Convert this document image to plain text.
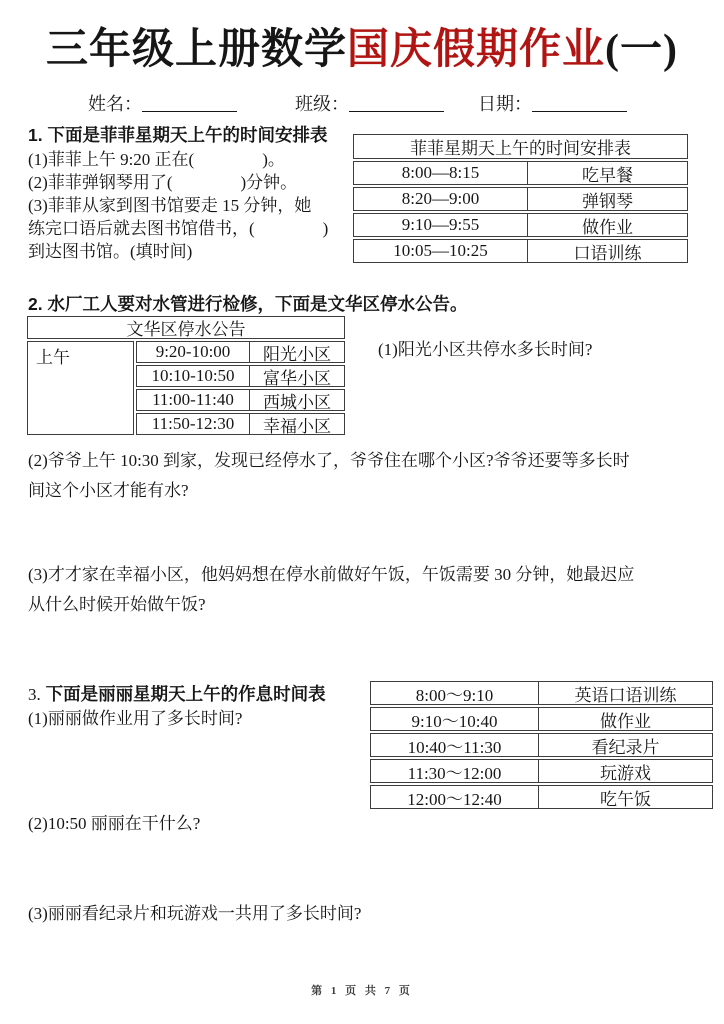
三年级上册数学国庆假期作业(一)
姓名：	班级：	日期：
1. 下面是菲菲星期天上午的时间安排表
(1)菲菲上午 9:20 正在(　　　　)。
(2)菲菲弹钢琴用了(　　　　)分钟。
(3)菲菲从家到图书馆要走 15 分钟，她
练完口语后就去图书馆借书，(　　　　)
到达图书馆。(填时间)
菲菲星期天上午的时间安排表
8:00—8:15	吃早餐
8:20—9:00	弹钢琴
9:10—9:55	做作业
10:05—10:25	口语训练
2. 水厂工人要对水管进行检修，下面是文华区停水公告。
文华区停水公告
上午	9:20-10:00	阳光小区
10:10-10:50	富华小区
11:00-11:40	西城小区
11:50-12:30	幸福小区
(1)阳光小区共停水多长时间?
(2)爷爷上午 10:30 到家，发现已经停水了，爷爷住在哪个小区?爷爷还要等多长时
间这个小区才能有水?
(3)才才家在幸福小区，他妈妈想在停水前做好午饭，午饭需要 30 分钟，她最迟应
从什么时候开始做午饭?
3. 下面是丽丽星期天上午的作息时间表
(1)丽丽做作业用了多长时间?
8:00～9:10	英语口语训练
9:10～10:40	做作业
10:40～11:30	看纪录片
11:30～12:00	玩游戏
12:00～12:40	吃午饭
(2)10:50 丽丽在干什么?
(3)丽丽看纪录片和玩游戏一共用了多长时间?
第 1 页 共 7 页
